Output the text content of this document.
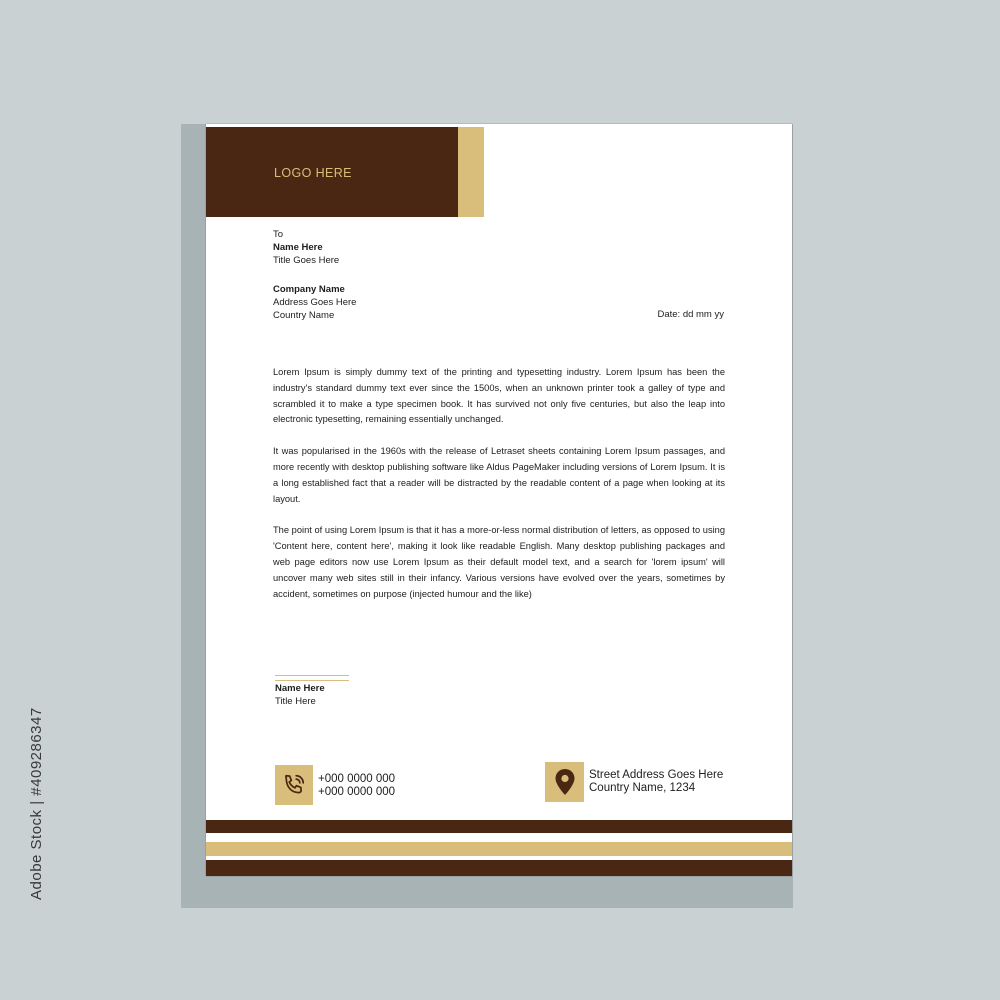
LOGO HERE
To
Name Here
Title Goes Here
Company Name
Address Goes Here
Country Name	Date: dd mm yy

Lorem Ipsum is simply dummy text of the printing and typesetting industry. Lorem Ipsum has been the industry's standard dummy text ever since the 1500s, when an unknown printer took a galley of type and scrambled it to make a type specimen book. It has survived not only five centuries, but also the leap into electronic typesetting, remaining essentially unchanged.

It was popularised in the 1960s with the release of Letraset sheets containing Lorem Ipsum passages, and more recently with desktop publishing software like Aldus PageMaker including versions of Lorem Ipsum. It is a long established fact that a reader will be distracted by the readable content of a page when looking at its layout.

The point of using Lorem Ipsum is that it has a more-or-less normal distribution of letters, as opposed to using 'Content here, content here', making it look like readable English. Many desktop publishing packages and web page editors now use Lorem Ipsum as their default model text, and a search for 'lorem ipsum' will uncover many web sites still in their infancy. Various versions have evolved over the years, sometimes by accident, sometimes on purpose (injected humour and the like)

Name Here
Title Here
+000 0000 000
+000 0000 000
Street Address Goes Here
Country Name, 1234
Adobe Stock | #409286347
